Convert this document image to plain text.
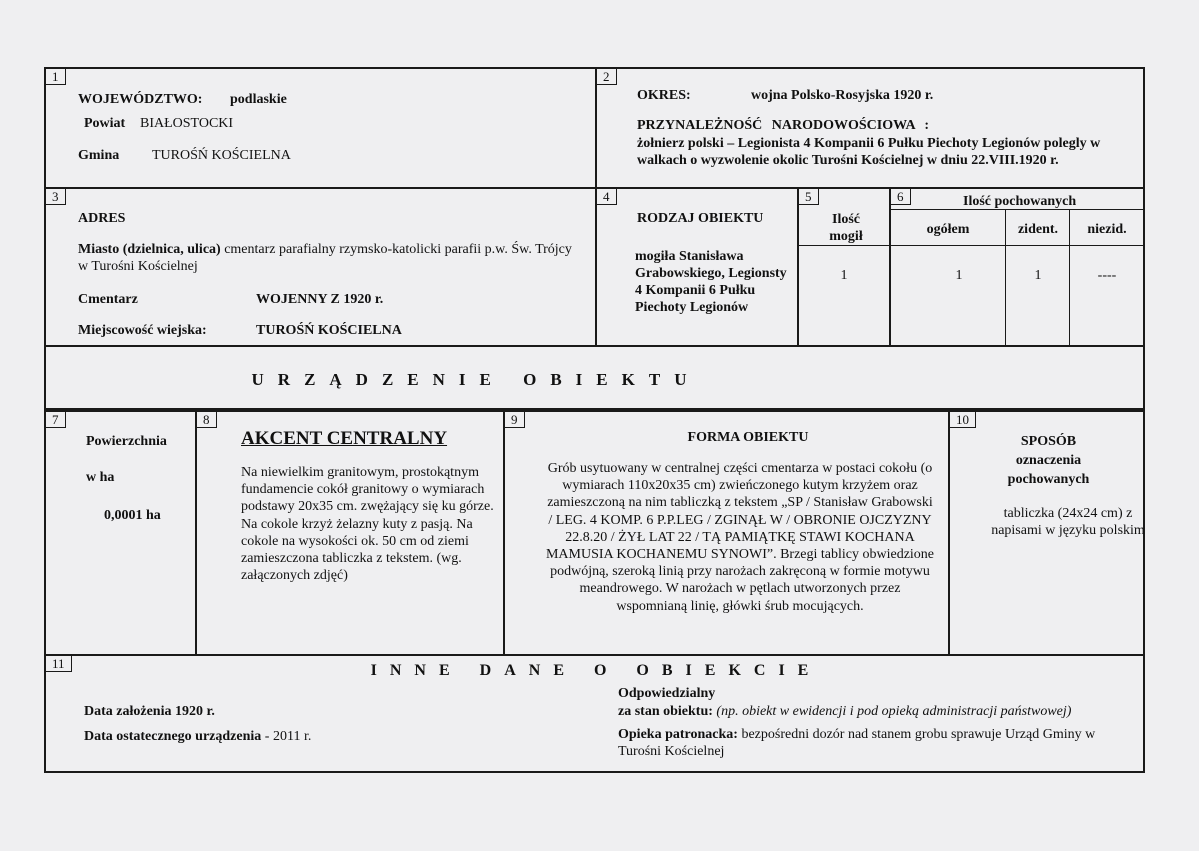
1
WOJEWÓDZTWO: podlaskie
Powiat BIAŁOSTOCKI
Gmina TUROŚŃ KOŚCIELNA
2
OKRES:	wojna Polsko-Rosyjska 1920 r.
PRZYNALEŻNOŚĆ NARODOWOŚCIOWA :
żołnierz polski – Legionista 4 Kompanii 6 Pułku Piechoty Legionów polegly w walkach o wyzwolenie okolic Turośni Kościelnej w dniu 22.VIII.1920 r.
3
ADRES
Miasto (dzielnica, ulica) cmentarz parafialny rzymsko-katolicki parafii p.w. Św. Trójcy w Turośni Kościelnej
Cmentarz	WOJENNY Z 1920 r.
Miejscowość wiejska:	TUROŚŃ KOŚCIELNA
4
RODZAJ OBIEKTU
mogiła Stanisława Grabowskiego, Legionsty 4 Kompanii 6 Pułku Piechoty Legionów
5
Ilość mogił
1
6	Ilość pochowanych
ogółem	zident.	niezid.
1	1	----
URZĄDZENIE OBIEKTU
7
Powierzchnia
w ha
0,0001 ha
8
AKCENT CENTRALNY
Na niewielkim granitowym, prostokątnym fundamencie cokół granitowy o wymiarach podstawy 20x35 cm. zwężający się ku górze. Na cokole krzyż żelazny kuty z pasją. Na cokole na wysokości ok. 50 cm od ziemi zamieszczona tabliczka z tekstem. (wg. załączonych zdjęć)
9
FORMA OBIEKTU
Grób usytuowany w centralnej części cmentarza w postaci cokołu (o wymiarach 110x20x35 cm) zwieńczonego kutym krzyżem oraz zamieszczoną na nim tabliczką z tekstem „SP / Stanisław Grabowski / LEG. 4 KOMP. 6 P.P.LEG / ZGINĄŁ W / OBRONIE OJCZYZNY 22.8.20 / ŻYŁ LAT 22 / TĄ PAMIĄTKĘ STAWI KOCHANA MAMUSIA KOCHANEMU SYNOWI”. Brzegi tablicy obwiedzione podwójną, szeroką linią przy narożach zakręconą w formie motywu meandrowego. W narożach w pętlach utworzonych przez wspomnianą linię, główki śrub mocujących.
10
SPOSÓB
oznaczenia
pochowanych
tabliczka (24x24 cm) z napisami w języku polskim
11	INNE DANE O OBIEKCIE
Data założenia 1920 r.
Data ostatecznego urządzenia - 2011 r.
Odpowiedzialny
za stan obiektu: (np. obiekt w ewidencji i pod opieką administracji państwowej)
Opieka patronacka: bezpośredni dozór nad stanem grobu sprawuje Urząd Gminy w Turośni Kościelnej
